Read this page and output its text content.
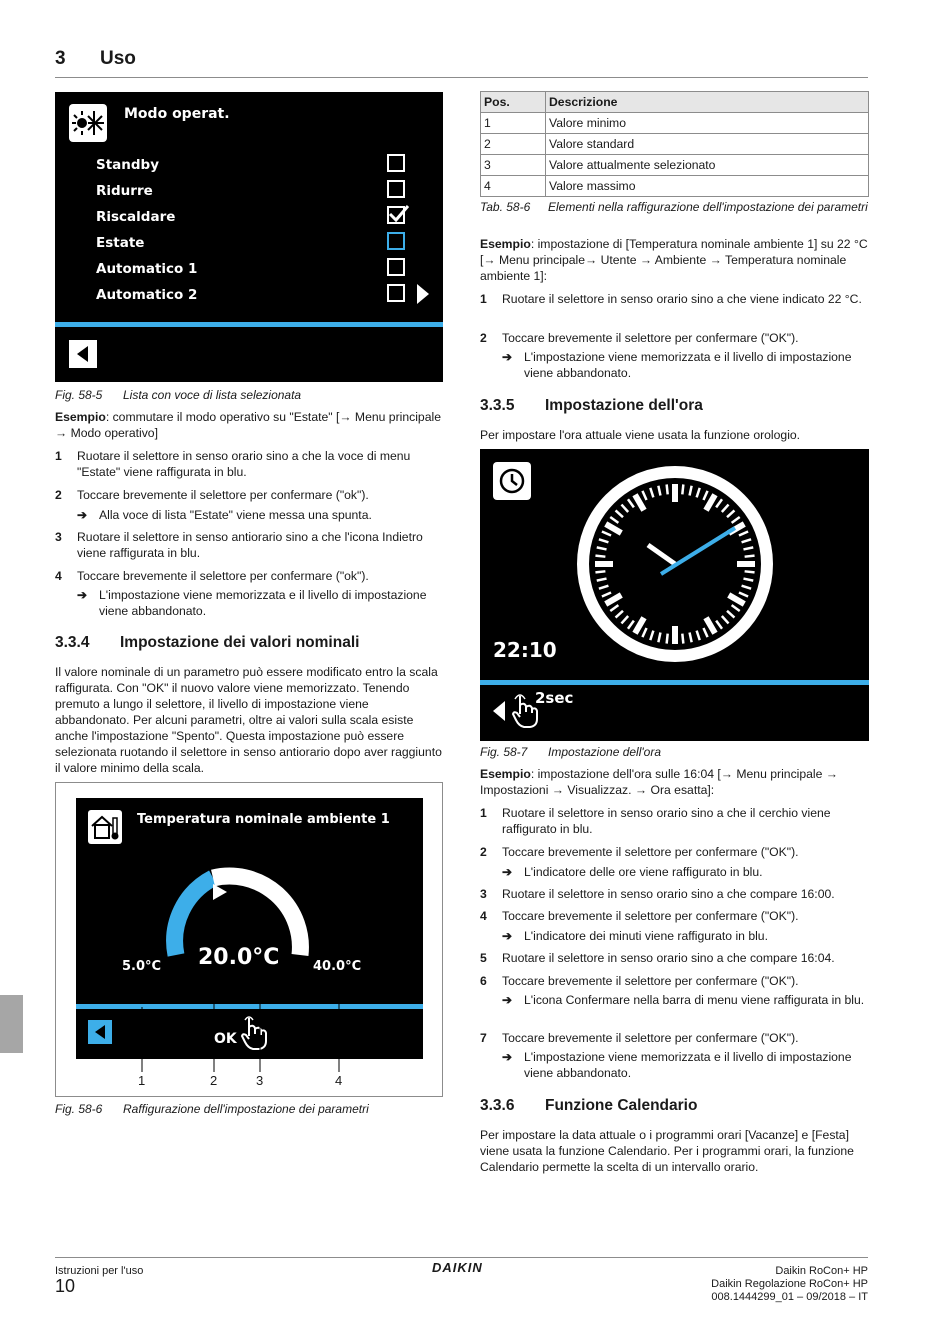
3 Uso
Modo operat.
Standby
Ridurre
Riscaldare
Estate
Automatico 1
Automatico 2
Fig. 58-5 Lista con voce di lista selezionata
Esempio: commutare il modo operativo su "Estate" [→ Menu principale → Modo operativo]
1 Ruotare il selettore in senso orario sino a che la voce di menu "Estate" viene raffigurata in blu.
2 Toccare brevemente il selettore per confermare ("ok").
➔ Alla voce di lista "Estate" viene messa una spunta.
3 Ruotare il selettore in senso antiorario sino a che l'icona Indietro viene raffigurata in blu.
4 Toccare brevemente il selettore per confermare ("ok").
➔ L'impostazione viene memorizzata e il livello di impostazione viene abbandonato.
3.3.4 Impostazione dei valori nominali
Il valore nominale di un parametro può essere modificato entro la scala raffigurata. Con "OK" il nuovo valore viene memorizzato. Tenendo premuto a lungo il selettore, il livello di impostazione viene abbandonato. Per alcuni parametri, oltre ai valori sulla scala esiste anche l'impostazione "Spento". Questa impostazione può essere selezionata ruotando il selettore in senso antiorario dopo aver raggiunto il valore minimo della scala.
Temperatura nominale ambiente 1
5.0°C 20.0°C	40.0°C
OK
1	2	3	4
Fig. 58-6 Raffigurazione dell'impostazione dei parametri
Pos.	Descrizione
1	Valore minimo
2	Valore standard
3	Valore attualmente selezionato
4	Valore massimo
Tab. 58-6	Elementi nella raffigurazione dell'impostazione dei parametri
Esempio: impostazione di [Temperatura nominale ambiente 1] su 22 °C [→ Menu principale→ Utente → Ambiente → Temperatura nominale ambiente 1]:
1 Ruotare il selettore in senso orario sino a che viene indicato 22 °C.
2 Toccare brevemente il selettore per confermare ("OK").
➔ L'impostazione viene memorizzata e il livello di impostazione viene abbandonato.
3.3.5 Impostazione dell'ora
Per impostare l'ora attuale viene usata la funzione orologio.
22:10
2sec
Fig. 58-7 Impostazione dell'ora
Esempio: impostazione dell'ora sulle 16:04 [→ Menu principale → Impostazioni → Visualizzaz. → Ora esatta]:
1 Ruotare il selettore in senso orario sino a che il cerchio viene raffigurato in blu.
2 Toccare brevemente il selettore per confermare ("OK").
➔ L'indicatore delle ore viene raffigurato in blu.
3 Ruotare il selettore in senso orario sino a che compare 16:00.
4 Toccare brevemente il selettore per confermare ("OK").
➔ L'indicatore dei minuti viene raffigurato in blu.
5 Ruotare il selettore in senso orario sino a che compare 16:04.
6 Toccare brevemente il selettore per confermare ("OK").
➔ L'icona Confermare nella barra di menu viene raffigurata in blu.
7 Toccare brevemente il selettore per confermare ("OK").
➔ L'impostazione viene memorizzata e il livello di impostazione viene abbandonato.
3.3.6 Funzione Calendario
Per impostare la data attuale o i programmi orari [Vacanze] e [Festa] viene usata la funzione Calendario. Per i programmi orari, la funzione Calendario permette la scelta di un intervallo orario.
Istruzioni per l'uso
10
DAIKIN	Daikin RoCon+ HP
Daikin Regolazione RoCon+ HP
008.1444299_01 – 09/2018 – IT
